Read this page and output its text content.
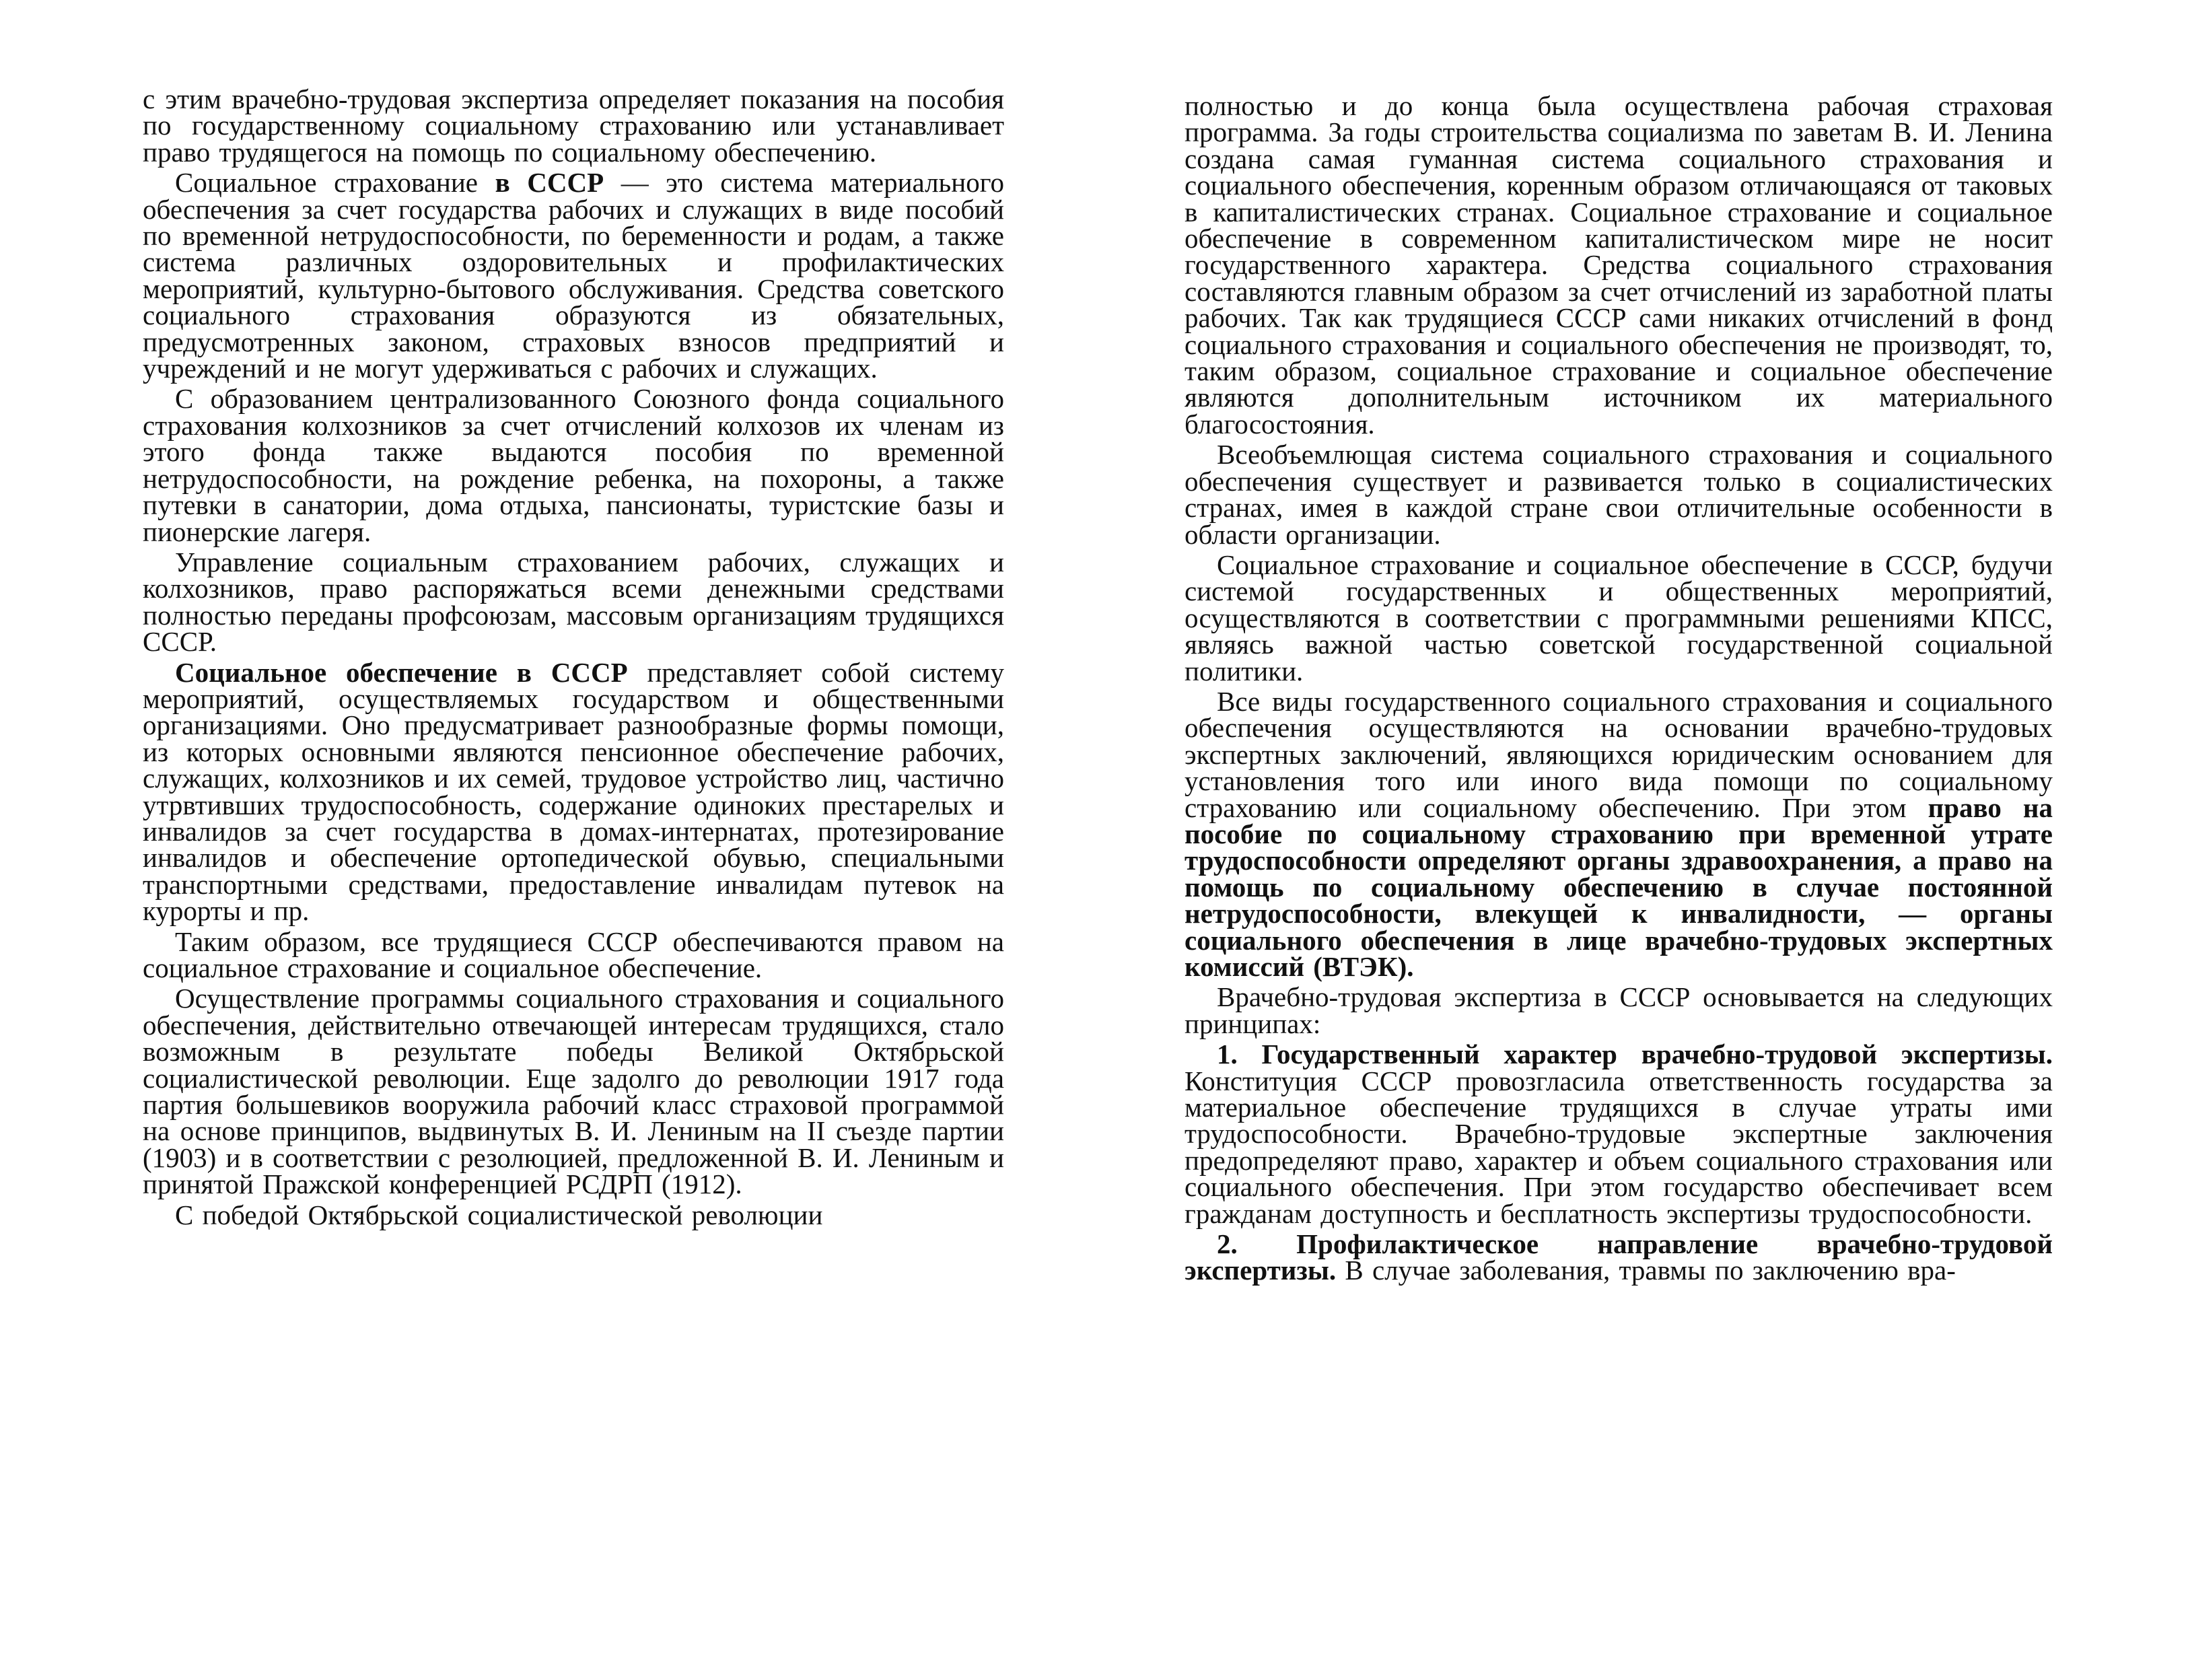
с этим врачебно-трудовая экспертиза определяет показания на пособия по государственному социальному страхованию или устанавливает право трудящегося на помощь по социальному обеспечению.

Социальное страхование в СССР — это система материального обеспечения за счет государства рабочих и служащих в виде пособий по временной нетрудоспособности, по беременности и родам, а также система различных оздоровительных и профилактических мероприятий, культурно-бытового обслуживания. Средства советского социального страхования образуются из обязательных, предусмотренных законом, страховых взносов предприятий и учреждений и не могут удерживаться с рабочих и служащих.

С образованием централизованного Союзного фонда социального страхования колхозников за счет отчислений колхозов их членам из этого фонда также выдаются пособия по временной нетрудоспособности, на рождение ребенка, на похороны, а также путевки в санатории, дома отдыха, пансионаты, туристские базы и пионерские лагеря.

Управление социальным страхованием рабочих, служащих и колхозников, право распоряжаться всеми денежными средствами полностью переданы профсоюзам, массовым организациям трудящихся СССР.

Социальное обеспечение в СССР представляет собой систему мероприятий, осуществляемых государством и общественными организациями. Оно предусматривает разнообразные формы помощи, из которых основными являются пенсионное обеспечение рабочих, служащих, колхозников и их семей, трудовое устройство лиц, частично утрвтивших трудоспособность, содержание одиноких престарелых и инвалидов за счет государства в домах-интернатах, протезирование инвалидов и обеспечение ортопедической обувью, специальными транспортными средствами, предоставление инвалидам путевок на курорты и пр.

Таким образом, все трудящиеся СССР обеспечиваются правом на социальное страхование и социальное обеспечение.

Осуществление программы социального страхования и социального обеспечения, действительно отвечающей интересам трудящихся, стало возможным в результате победы Великой Октябрьской социалистической революции. Еще задолго до революции 1917 года партия большевиков вооружила рабочий класс страховой программой на основе принципов, выдвинутых В. И. Лениным на II съезде партии (1903) и в соответствии с резолюцией, предложенной В. И. Лениным и принятой Пражской конференцией РСДРП (1912).

С победой Октябрьской социалистической революции

полностью и до конца была осуществлена рабочая страховая программа. За годы строительства социализма по заветам В. И. Ленина создана самая гуманная система социального страхования и социального обеспечения, коренным образом отличающаяся от таковых в капиталистических странах. Социальное страхование и социальное обеспечение в современном капиталистическом мире не носит государственного характера. Средства социального страхования составляются главным образом за счет отчислений из заработной платы рабочих. Так как трудящиеся СССР сами никаких отчислений в фонд социального страхования и социального обеспечения не производят, то, таким образом, социальное страхование и социальное обеспечение являются дополнительным источником их материального благосостояния.

Всеобъемлющая система социального страхования и социального обеспечения существует и развивается только в социалистических странах, имея в каждой стране свои отличительные особенности в области организации.

Социальное страхование и социальное обеспечение в СССР, будучи системой государственных и общественных мероприятий, осуществляются в соответствии с программными решениями КПСС, являясь важной частью советской государственной социальной политики.

Все виды государственного социального страхования и социального обеспечения осуществляются на основании врачебно-трудовых экспертных заключений, являющихся юридическим основанием для установления того или иного вида помощи по социальному страхованию или социальному обеспечению. При этом право на пособие по социальному страхованию при временной утрате трудоспособности определяют органы здравоохранения, а право на помощь по социальному обеспечению в случае постоянной нетрудоспособности, влекущей к инвалидности, — органы социального обеспечения в лице врачебно-трудовых экспертных комиссий (ВТЭК).

Врачебно-трудовая экспертиза в СССР основывается на следующих принципах:

1. Государственный характер врачебно-трудовой экспертизы. Конституция СССР провозгласила ответственность государства за материальное обеспечение трудящихся в случае утраты ими трудоспособности. Врачебно-трудовые экспертные заключения предопределяют право, характер и объем социального страхования или социального обеспечения. При этом государство обеспечивает всем гражданам доступность и бесплатность экспертизы трудоспособности.

2. Профилактическое направление врачебно-трудовой экспертизы. В случае заболевания, травмы по заключению вра-
